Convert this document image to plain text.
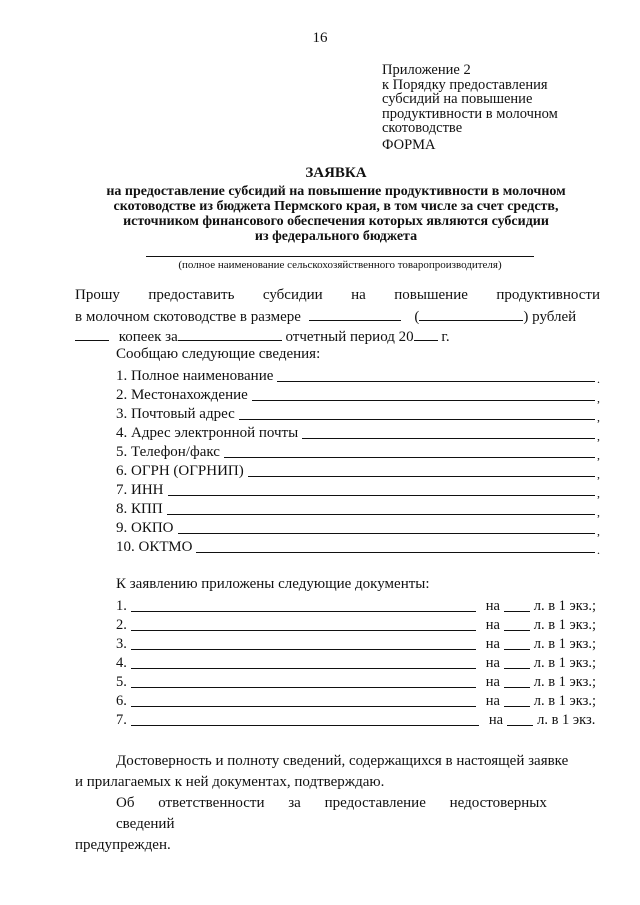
16
Приложение 2
к Порядку предоставления
субсидий на повышение
продуктивности в молочном
скотоводстве
ФОРМА
ЗАЯВКА
на предоставление субсидий на повышение продуктивности в молочном
скотоводстве из бюджета Пермского края, в том числе за счет средств,
источником финансового обеспечения которых являются субсидии
из федерального бюджета
(полное наименование сельскохозяйственного товаропроизводителя)
Прошу предоставить субсидии на повышение продуктивности
в молочном скотоводстве в размере	(	) рублей
копеек за	отчетный период 20 г.
Сообщаю следующие сведения:
1. Полное наименование	.
2. Местонахождение	,
3. Почтовый адрес	,
4. Адрес электронной почты	,
5. Телефон/факс	,
6. ОГРН (ОГРНИП)	,
7. ИНН	,
8. КПП	,
9. ОКПО	,
10. ОКТМО	.
К заявлению приложены следующие документы:
1.	на л. в 1 экз.;
2.	на л. в 1 экз.;
3.	на л. в 1 экз.;
4.	на л. в 1 экз.;
5.	на л. в 1 экз.;
6.	на л. в 1 экз.;
7.	на л. в 1 экз.
Достоверность и полноту сведений, содержащихся в настоящей заявке
и прилагаемых к ней документах, подтверждаю.
Об ответственности за предоставление недостоверных сведений
предупрежден.
